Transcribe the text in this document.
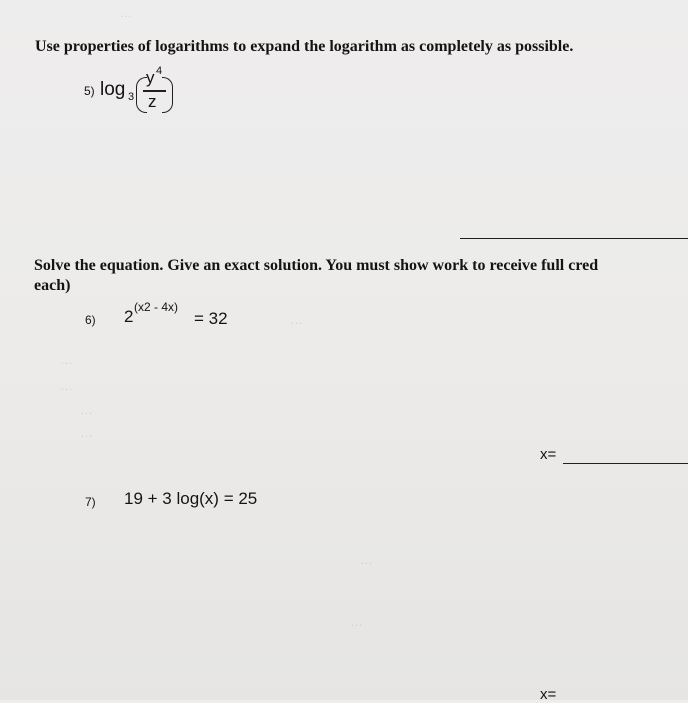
…
Use properties of logarithms to expand the logarithm as completely as possible.
5) log 3
y 4
z
Solve the equation. Give an exact solution. You must show work to receive full cred
each)
6) 2 (x2 - 4x)
= 32	…
…
…
…
…
x=
7) 19 + 3 log(x) = 25
…
…
x=
